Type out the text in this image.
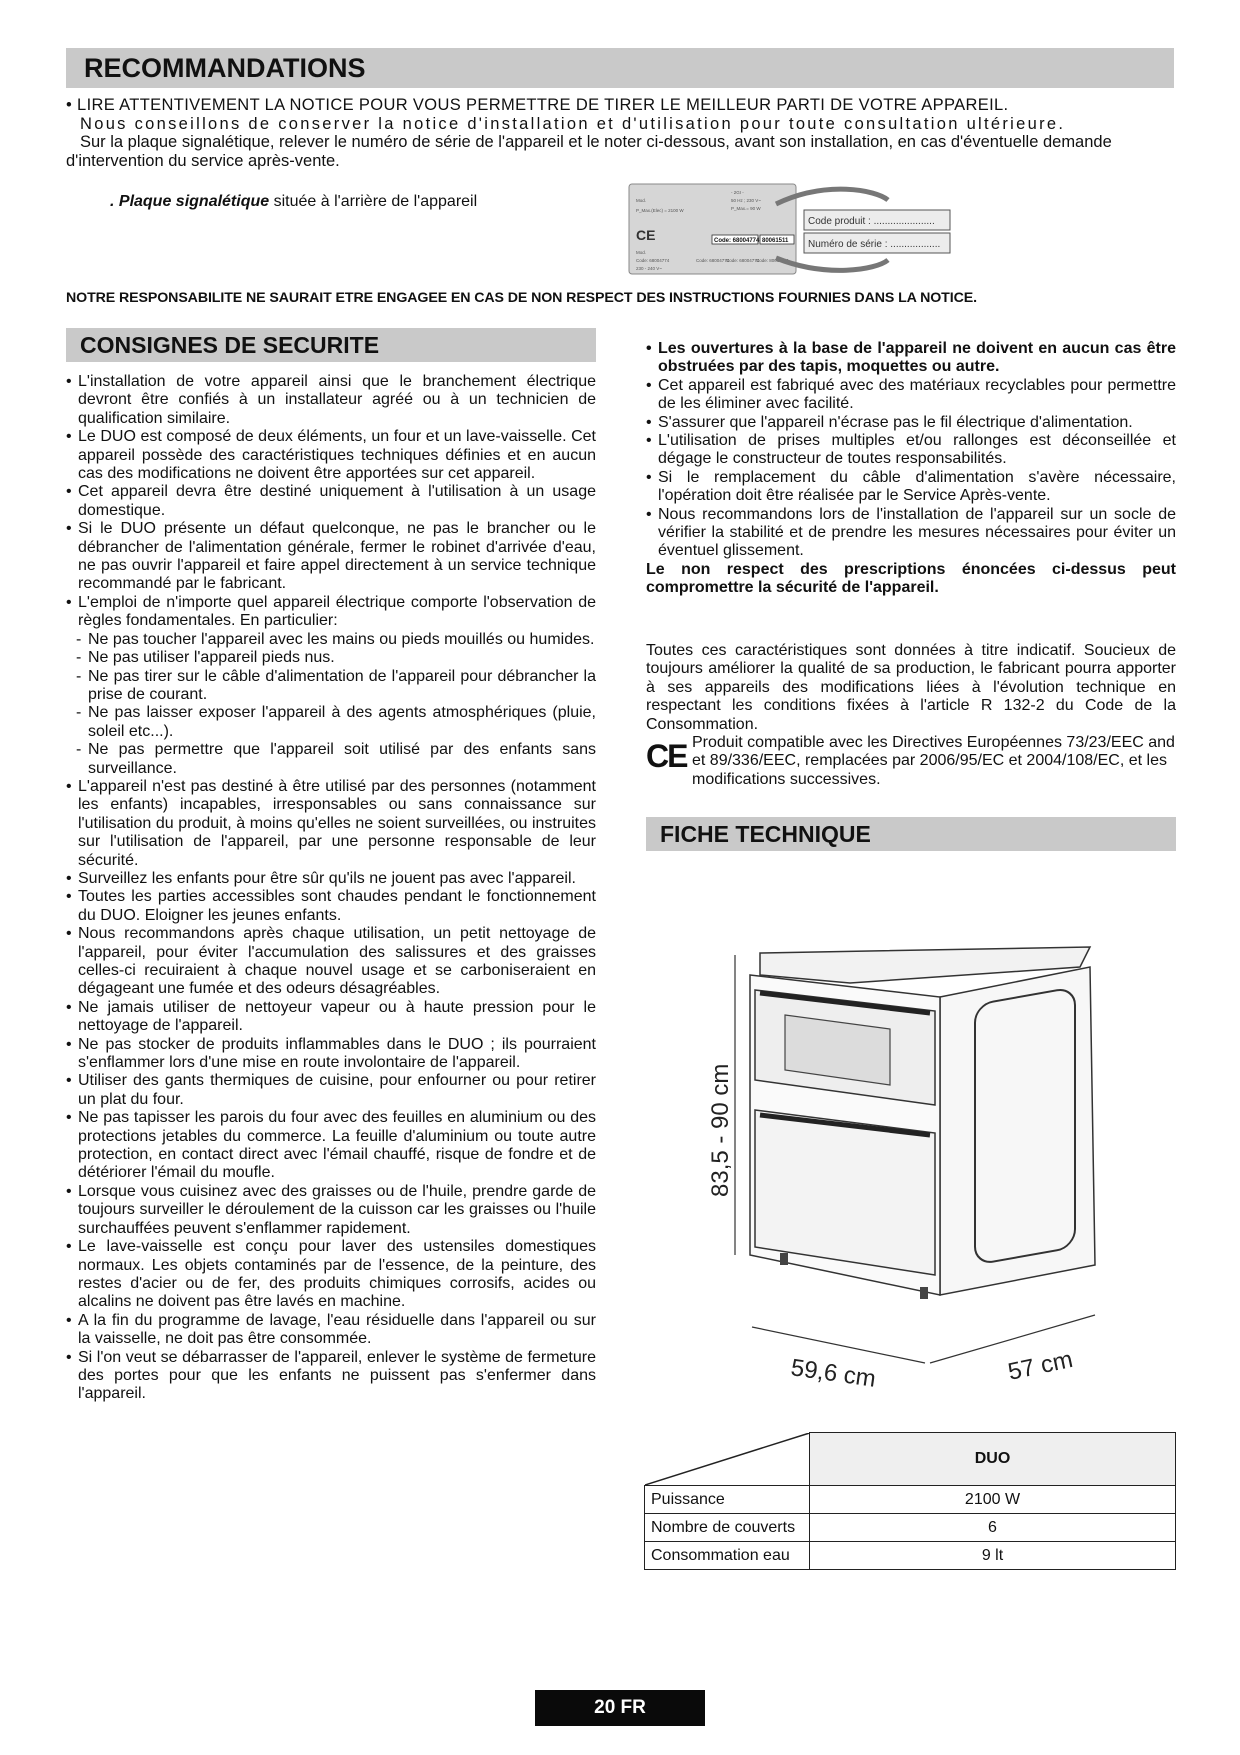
RECOMMANDATIONS

• LIRE ATTENTIVEMENT LA NOTICE POUR VOUS PERMETTRE DE TIRER LE MEILLEUR PARTI DE VOTRE APPAREIL.

Nous conseillons de conserver la notice d'installation et d'utilisation pour toute consultation ultérieure.

Sur la plaque signalétique, relever le numéro de série de l'appareil et le noter ci-dessous, avant son installation, en cas d'éventuelle demande d'intervention du service après-vente.

. Plaque signalétique située à l'arrière de l'appareil	Mod.
P_Max.(Elec) = 2100 W
- 2GI -
50 Hz ; 230 V~
P_Max.= 90 W
Mod.
Code: 68004774
230 - 240 V~
Code: 68004774
Code: 68004774
Code: 80061511
CE	Code: 68004774 80061511
Code produit : ......................
Numéro de série : ..................
NOTRE RESPONSABILITE NE SAURAIT ETRE ENGAGEE EN CAS DE NON RESPECT DES INSTRUCTIONS FOURNIES DANS LA NOTICE.
CONSIGNES DE SECURITE
• L'installation de votre appareil ainsi que le branchement électrique devront être confiés à un installateur agréé ou à un technicien de qualification similaire.
• Le DUO est composé de deux éléments, un four et un lave-vaisselle. Cet appareil possède des caractéristiques techniques définies et en aucun cas des modifications ne doivent être apportées sur cet appareil.
• Cet appareil devra être destiné uniquement à l'utilisation à un usage domestique.
• Si le DUO présente un défaut quelconque, ne pas le brancher ou le débrancher de l'alimentation générale, fermer le robinet d'arrivée d'eau, ne pas ouvrir l'appareil et faire appel directement à un service technique recommandé par le fabricant.
• L'emploi de n'importe quel appareil électrique comporte l'observation de règles fondamentales. En particulier:
- Ne pas toucher l'appareil avec les mains ou pieds mouillés ou humides.
- Ne pas utiliser l'appareil pieds nus.
- Ne pas tirer sur le câble d'alimentation de l'appareil pour débrancher la prise de courant.
- Ne pas laisser exposer l'appareil à des agents atmosphériques (pluie, soleil etc...).
- Ne pas permettre que l'appareil soit utilisé par des enfants sans surveillance.
• L'appareil n'est pas destiné à être utilisé par des personnes (notamment les enfants) incapables, irresponsables ou sans connaissance sur l'utilisation du produit, à moins qu'elles ne soient surveillées, ou instruites sur l'utilisation de l'appareil, par une personne responsable de leur sécurité.
• Surveillez les enfants pour être sûr qu'ils ne jouent pas avec l'appareil.
• Toutes les parties accessibles sont chaudes pendant le fonctionnement du DUO. Eloigner les jeunes enfants.
• Nous recommandons après chaque utilisation, un petit nettoyage de l'appareil, pour éviter l'accumulation des salissures et des graisses celles-ci recuiraient à chaque nouvel usage et se carboniseraient en dégageant une fumée et des odeurs désagréables.
• Ne jamais utiliser de nettoyeur vapeur ou à haute pression pour le nettoyage de l'appareil.
• Ne pas stocker de produits inflammables dans le DUO ; ils pourraient s'enflammer lors d'une mise en route involontaire de l'appareil.
• Utiliser des gants thermiques de cuisine, pour enfourner ou pour retirer un plat du four.
• Ne pas tapisser les parois du four avec des feuilles en aluminium ou des protections jetables du commerce. La feuille d'aluminium ou toute autre protection, en contact direct avec l'émail chauffé, risque de fondre et de détériorer l'émail du moufle.
• Lorsque vous cuisinez avec des graisses ou de l'huile, prendre garde de toujours surveiller le déroulement de la cuisson car les graisses ou l'huile surchauffées peuvent s'enflammer rapidement.
• Le lave-vaisselle est conçu pour laver des ustensiles domestiques normaux. Les objets contaminés par de l'essence, de la peinture, des restes d'acier ou de fer, des produits chimiques corrosifs, acides ou alcalins ne doivent pas être lavés en machine.
• A la fin du programme de lavage, l'eau résiduelle dans l'appareil ou sur la vaisselle, ne doit pas être consommée.
• Si l'on veut se débarrasser de l'appareil, enlever le système de fermeture des portes pour que les enfants ne puissent pas s'enfermer dans l'appareil.
• Les ouvertures à la base de l'appareil ne doivent en aucun cas être obstruées par des tapis, moquettes ou autre.
• Cet appareil est fabriqué avec des matériaux recyclables pour permettre de les éliminer avec facilité.
• S'assurer que l'appareil n'écrase pas le fil électrique d'alimentation.
• L'utilisation de prises multiples et/ou rallonges est déconseillée et dégage le constructeur de toutes responsabilités.
• Si le remplacement du câble d'alimentation s'avère nécessaire, l'opération doit être réalisée par le Service Après-vente.
• Nous recommandons lors de l'installation de l'appareil sur un socle de vérifier la stabilité et de prendre les mesures nécessaires pour éviter un éventuel glissement.

Le non respect des prescriptions énoncées ci-dessus peut compromettre la sécurité de l'appareil.

Toutes ces caractéristiques sont données à titre indicatif. Soucieux de toujours améliorer la qualité de sa production, le fabricant pourra apporter à ses appareils des modifications liées à l'évolution technique en respectant les conditions fixées à l'article R 132-2 du Code de la Consommation.

CE Produit compatible avec les Directives Européennes 73/23/EEC and et 89/336/EEC, remplacées par 2006/95/EC et 2004/108/EC, et les modifications successives.

FICHE TECHNIQUE
83,5 - 90 cm
59,6 cm	57 cm
	DUO
Puissance	2100 W
Nombre de couverts	6
Consommation eau	9 lt
20 FR
